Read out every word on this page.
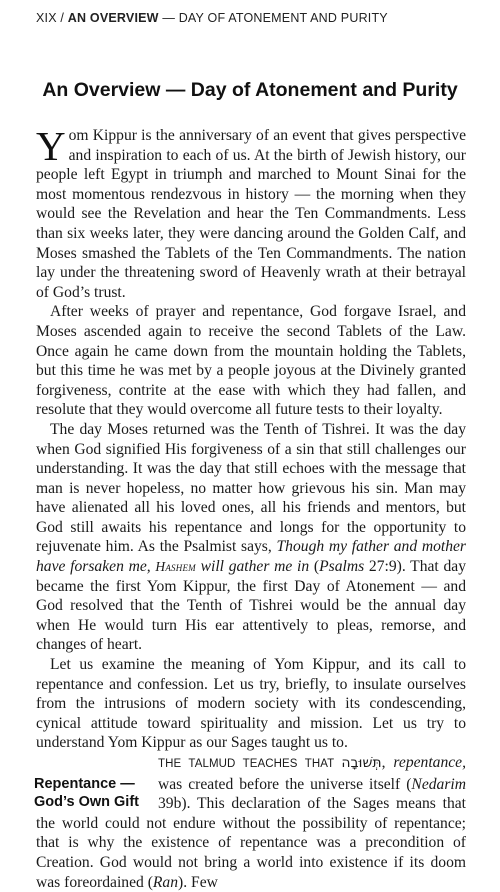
XIX / AN OVERVIEW — DAY OF ATONEMENT AND PURITY
An Overview — Day of Atonement and Purity

Yom Kippur is the anniversary of an event that gives perspective and inspiration to each of us. At the birth of Jewish history, our people left Egypt in triumph and marched to Mount Sinai for the most momentous rendezvous in history — the morning when they would see the Revelation and hear the Ten Commandments. Less than six weeks later, they were dancing around the Golden Calf, and Moses smashed the Tablets of the Ten Commandments. The nation lay under the threatening sword of Heavenly wrath at their betrayal of God’s trust.

After weeks of prayer and repentance, God forgave Israel, and Moses ascended again to receive the second Tablets of the Law. Once again he came down from the mountain holding the Tablets, but this time he was met by a people joyous at the Divinely granted forgiveness, contrite at the ease with which they had fallen, and resolute that they would overcome all future tests to their loyalty.

The day Moses returned was the Tenth of Tishrei. It was the day when God signified His forgiveness of a sin that still challenges our understanding. It was the day that still echoes with the message that man is never hopeless, no matter how grievous his sin. Man may have alienated all his loved ones, all his friends and mentors, but God still awaits his repentance and longs for the opportunity to rejuvenate him. As the Psalmist says, Though my father and mother have forsaken me, Hashem will gather me in (Psalms 27:9). That day became the first Yom Kippur, the first Day of Atonement — and God resolved that the Tenth of Tishrei would be the annual day when He would turn His ear attentively to pleas, remorse, and changes of heart.

Let us examine the meaning of Yom Kippur, and its call to repentance and confession. Let us try, briefly, to insulate ourselves from the intrusions of modern society with its condescending, cynical attitude toward spirituality and mission. Let us try to understand Yom Kippur as our Sages taught us to.

Repentance —
God’s Own Gift
THE TALMUD TEACHES THAT תְּשׁוּבָה, repentance, was created before the universe itself (Nedarim 39b). This declaration of the Sages means that the world could not endure without the possibility of repentance; that is why the existence of repentance was a precondition of Creation. God would not bring a world into existence if its doom was foreordained (Ran). Few
